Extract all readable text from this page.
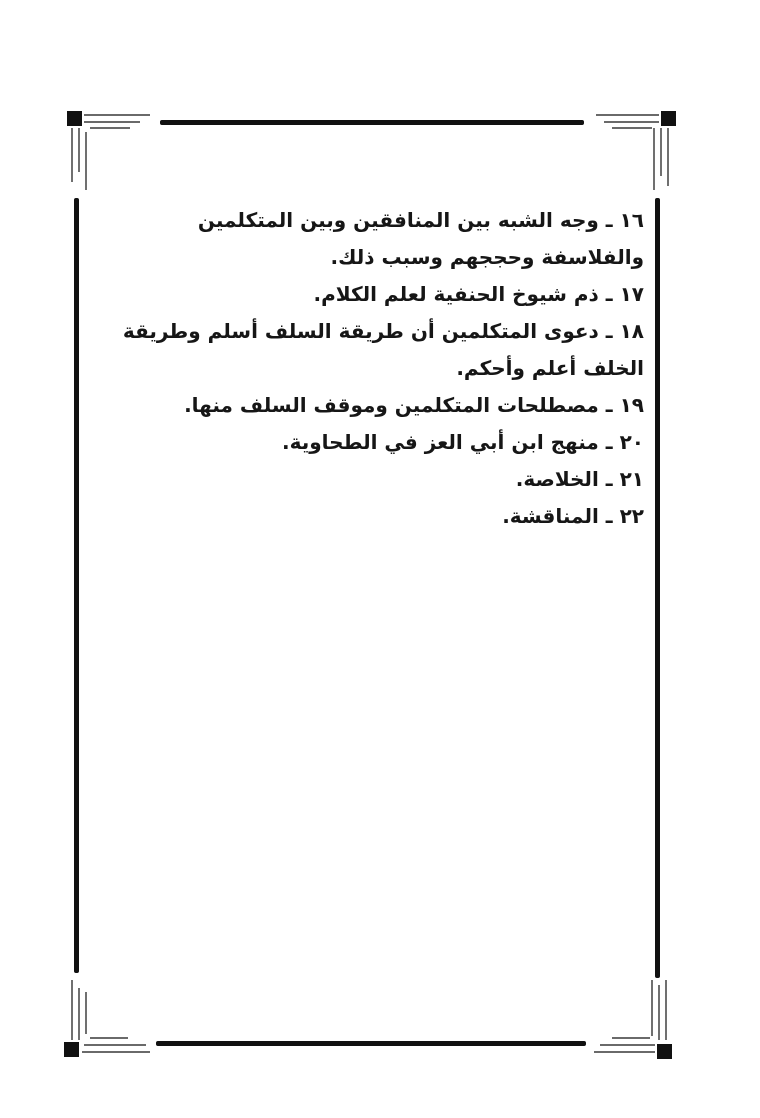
١٦ ـ وجه الشبه بين المنافقين وبين المتكلمين والفلاسفة وحججهم وسبب ذلك.

١٧ ـ ذم شيوخ الحنفية لعلم الكلام.

١٨ ـ دعوى المتكلمين أن طريقة السلف أسلم وطريقة الخلف أعلم وأحكم.

١٩ ـ مصطلحات المتكلمين وموقف السلف منها.

٢٠ ـ منهج ابن أبي العز في الطحاوية.

٢١ ـ الخلاصة.

٢٢ ـ المناقشة.
